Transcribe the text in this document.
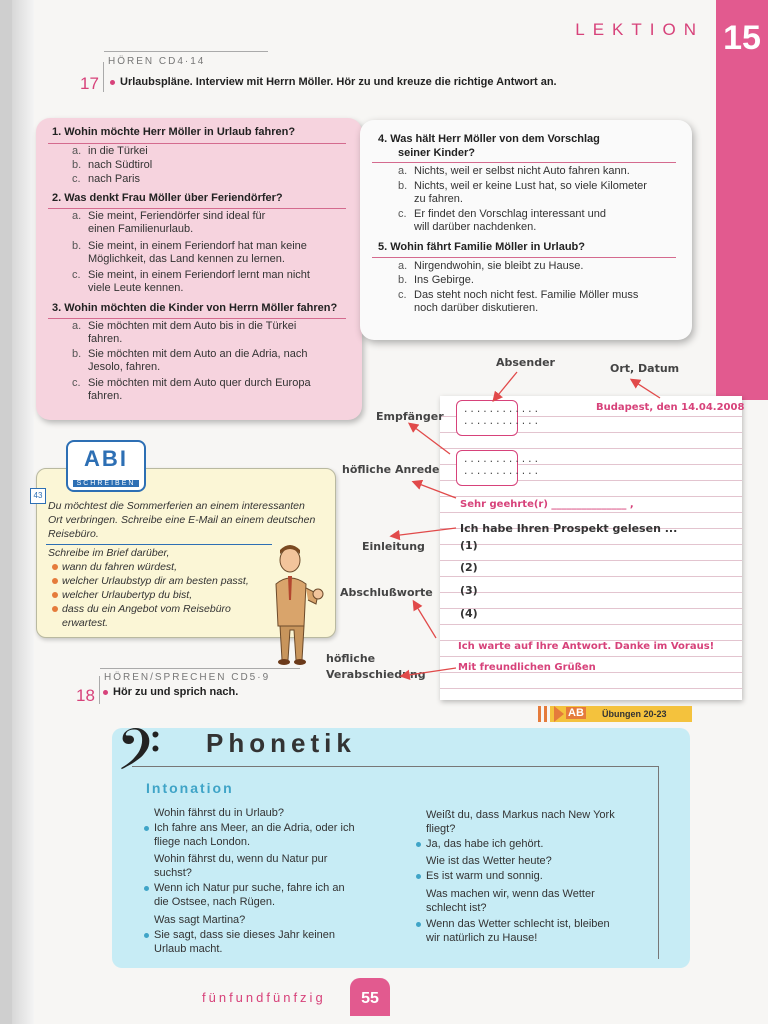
15
LEKTION
HÖREN CD4·14
17 Urlaubspläne. Interview mit Herrn Möller. Hör zu und kreuze die richtige Antwort an.
1. Wohin möchte Herr Möller in Urlaub fahren?
a. in die Türkei
b. nach Südtirol
c. nach Paris
2. Was denkt Frau Möller über Feriendörfer?
a. Sie meint, Feriendörfer sind ideal für
einen Familienurlaub.
b. Sie meint, in einem Feriendorf hat man keine
Möglichkeit, das Land kennen zu lernen.
c. Sie meint, in einem Feriendorf lernt man nicht
viele Leute kennen.
3. Wohin möchten die Kinder von Herrn Möller fahren?
a. Sie möchten mit dem Auto bis in die Türkei
fahren.
b. Sie möchten mit dem Auto an die Adria, nach
Jesolo, fahren.
c. Sie möchten mit dem Auto quer durch Europa
fahren.
4. Was hält Herr Möller von dem Vorschlag
seiner Kinder?
a. Nichts, weil er selbst nicht Auto fahren kann.
b. Nichts, weil er keine Lust hat, so viele Kilometer
zu fahren.
c. Er findet den Vorschlag interessant und
will darüber nachdenken.
5. Wohin fährt Familie Möller in Urlaub?
a. Nirgendwohin, sie bleibt zu Hause.
b. Ins Gebirge.
c. Das steht noch nicht fest. Familie Möller muss
noch darüber diskutieren.
............
............
............
............
Absender	Ort, Datum
Budapest, den 14.04.2008
Empfänger
höfliche Anrede
Sehr geehrte(r) _______________ ,
Einleitung
Ich habe Ihren Prospekt gelesen ...
(1)
(2)
(3)
(4)
Abschlußworte
Ich warte auf Ihre Antwort. Danke im Voraus!
höfliche
Verabschiedung
Mit freundlichen Grüßen
ABI
SCHREIBEN
43
Du möchtest die Sommerferien an einem interessanten
Ort verbringen. Schreibe eine E-Mail an einem deutschen
Reisebüro.
Schreibe im Brief darüber,
wann du fahren würdest,
welcher Urlaubstyp dir am besten passt,
welcher Urlaubertyp du bist,
dass du ein Angebot vom Reisebüro
erwartest.
HÖREN/SPRECHEN CD5·9
18 Hör zu und sprich nach.
AB Übungen 20-23
𝄢 Phonetik
Intonation
Wohin fährst du in Urlaub?
Ich fahre ans Meer, an die Adria, oder ich
fliege nach London.
Wohin fährst du, wenn du Natur pur
suchst?
Wenn ich Natur pur suche, fahre ich an
die Ostsee, nach Rügen.
Was sagt Martina?
Sie sagt, dass sie dieses Jahr keinen
Urlaub macht.
Weißt du, dass Markus nach New York
fliegt?
Ja, das habe ich gehört.
Wie ist das Wetter heute?
Es ist warm und sonnig.
Was machen wir, wenn das Wetter
schlecht ist?
Wenn das Wetter schlecht ist, bleiben
wir natürlich zu Hause!
fünfundfünfzig	55
